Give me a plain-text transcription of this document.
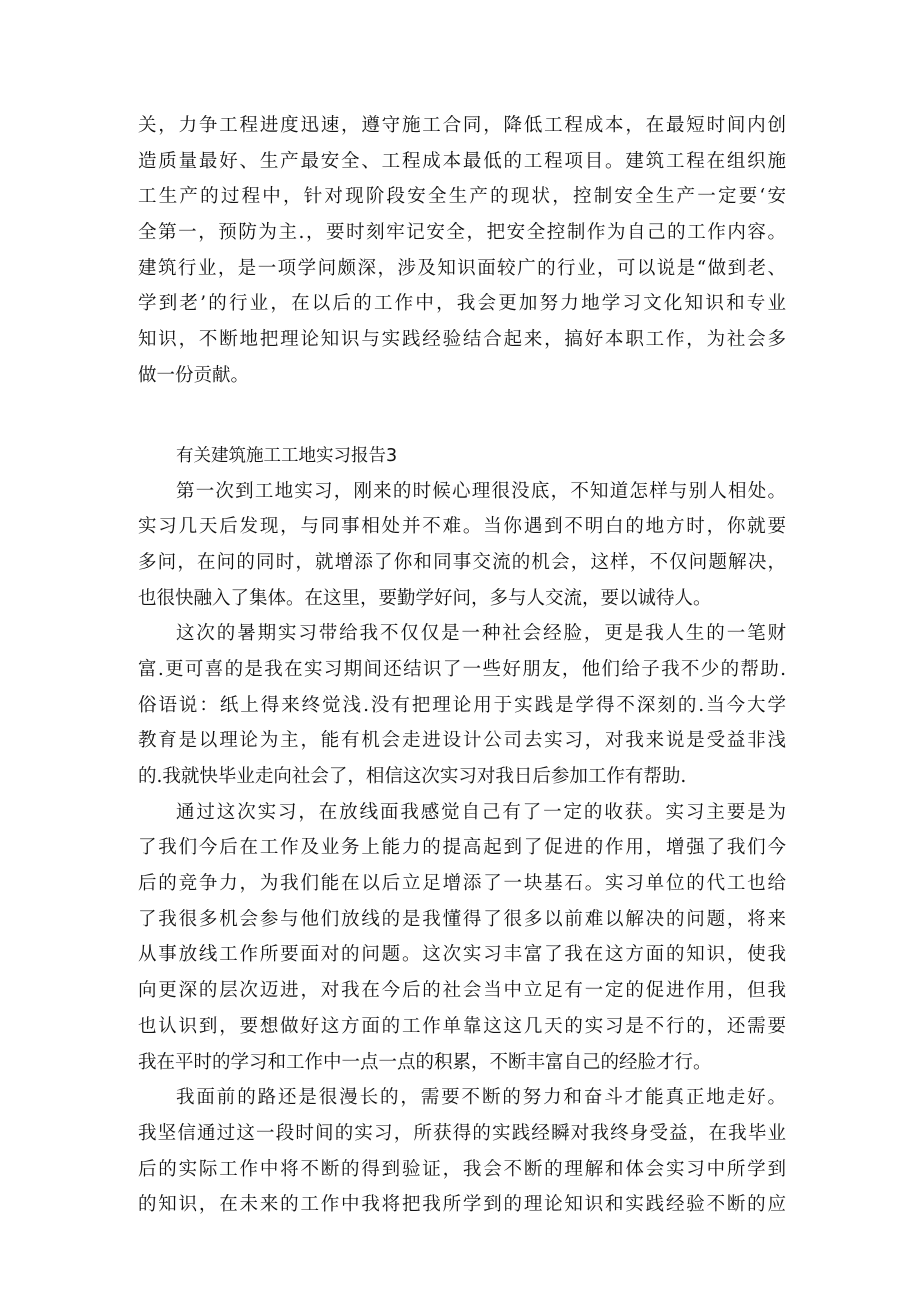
关，力争工程进度迅速，遵守施工合同，降低工程成本，在最短时间内创
造质量最好、生产最安全、工程成本最低的工程项目。建筑工程在组织施
工生产的过程中，针对现阶段安全生产的现状，控制安全生产一定要‘安
全第一，预防为主.，要时刻牢记安全，把安全控制作为自己的工作内容。
建筑行业，是一项学问颇深，涉及知识面较广的行业，可以说是“做到老、
学到老’的行业，在以后的工作中，我会更加努力地学习文化知识和专业
知识，不断地把理论知识与实践经验结合起来，搞好本职工作，为社会多
做一份贡献。
有关建筑施工工地实习报告3
第一次到工地实习，刚来的时候心理很没底，不知道怎样与别人相处。
实习几天后发现，与同事相处并不难。当你遇到不明白的地方时，你就要
多问，在问的同时，就增添了你和同事交流的机会，这样，不仅问题解决，
也很快融入了集体。在这里，要勤学好问，多与人交流，要以诚待人。
这次的暑期实习带给我不仅仅是一种社会经脸，更是我人生的一笔财
富.更可喜的是我在实习期间还结识了一些好朋友，他们给子我不少的帮助.
俗语说：纸上得来终觉浅.没有把理论用于实践是学得不深刻的.当今大学
教育是以理论为主，能有机会走进设计公司去实习，对我来说是受益非浅
的.我就快毕业走向社会了，相信这次实习对我日后参加工作有帮助.
通过这次实习，在放线面我感觉自己有了一定的收获。实习主要是为
了我们今后在工作及业务上能力的提高起到了促进的作用，增强了我们今
后的竞争力，为我们能在以后立足增添了一块基石。实习单位的代工也给
了我很多机会参与他们放线的是我懂得了很多以前难以解决的问题，将来
从事放线工作所要面对的问题。这次实习丰富了我在这方面的知识，使我
向更深的层次迈进，对我在今后的社会当中立足有一定的促进作用，但我
也认识到，要想做好这方面的工作单靠这这几天的实习是不行的，还需要
我在平时的学习和工作中一点一点的积累，不断丰富自己的经脸才行。
我面前的路还是很漫长的，需要不断的努力和奋斗才能真正地走好。
我坚信通过这一段时间的实习，所获得的实践经瞬对我终身受益，在我毕业
后的实际工作中将不断的得到验证，我会不断的理解和体会实习中所学到
的知识，在未来的工作中我将把我所学到的理论知识和实践经验不断的应
